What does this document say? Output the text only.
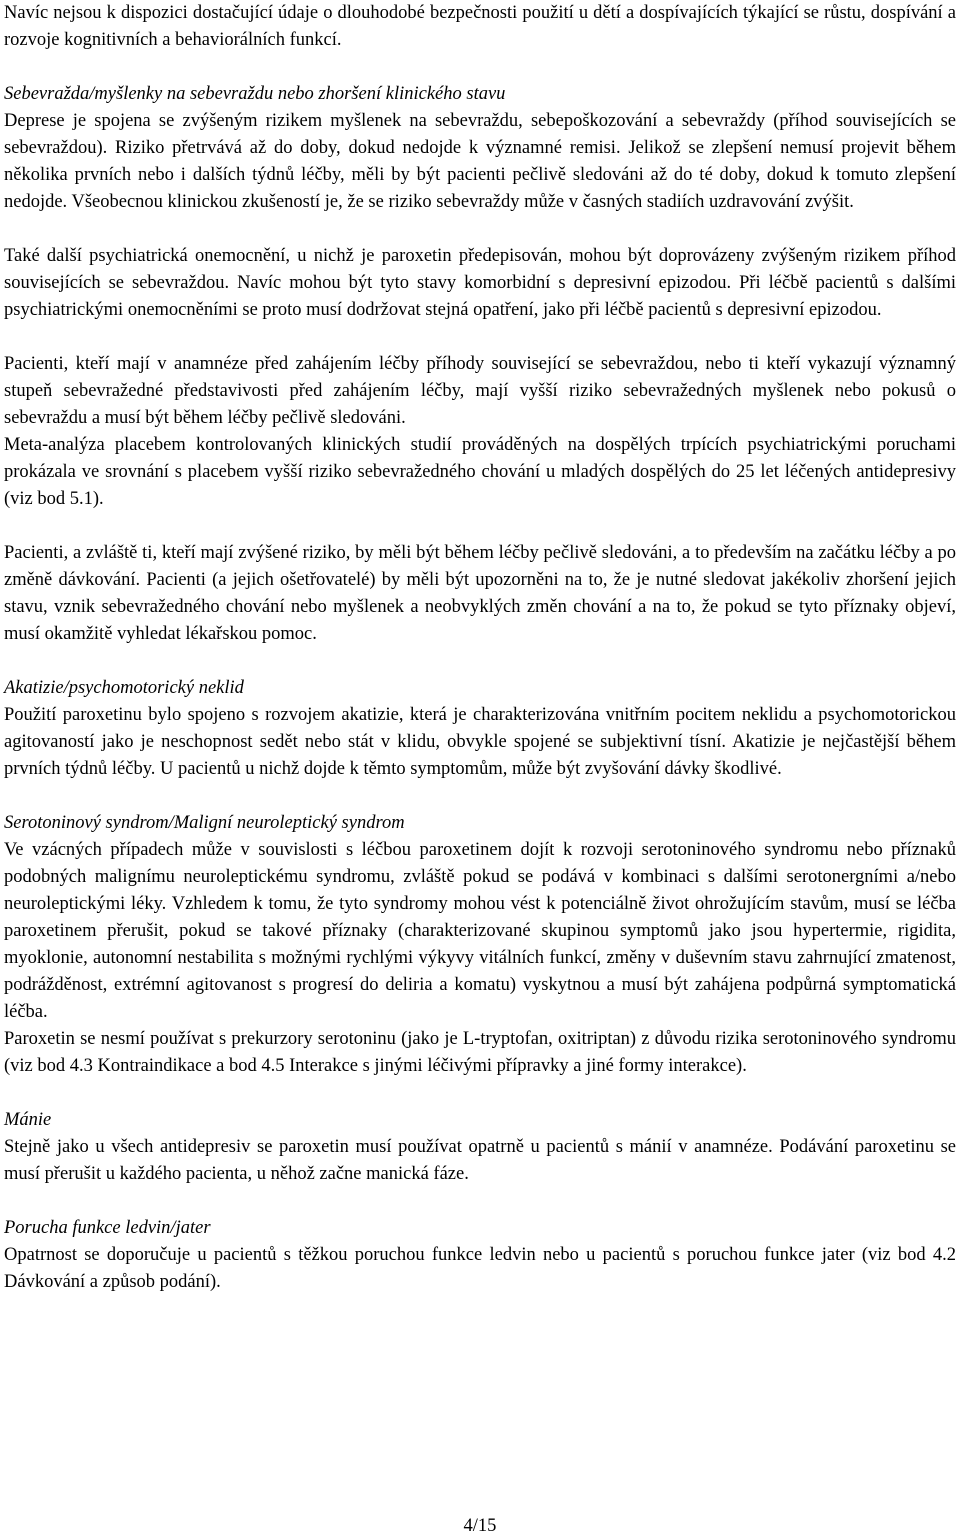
Navíc nejsou k dispozici dostačující údaje o dlouhodobé bezpečnosti použití u dětí a dospívajících týkající se růstu, dospívání a rozvoje kognitivních a behaviorálních funkcí.

Sebevražda/myšlenky na sebevraždu nebo zhoršení klinického stavu

Deprese je spojena se zvýšeným rizikem myšlenek na sebevraždu, sebepoškozování a sebevraždy (příhod souvisejících se sebevraždou). Riziko přetrvává až do doby, dokud nedojde k významné remisi. Jelikož se zlepšení nemusí projevit během několika prvních nebo i dalších týdnů léčby, měli by být pacienti pečlivě sledováni až do té doby, dokud k tomuto zlepšení nedojde. Všeobecnou klinickou zkušeností je, že se riziko sebevraždy může v časných stadiích uzdravování zvýšit.

Také další psychiatrická onemocnění, u nichž je paroxetin předepisován, mohou být doprovázeny zvýšeným rizikem příhod souvisejících se sebevraždou. Navíc mohou být tyto stavy komorbidní s depresivní epizodou. Při léčbě pacientů s dalšími psychiatrickými onemocněními se proto musí dodržovat stejná opatření, jako při léčbě pacientů s depresivní epizodou.

Pacienti, kteří mají v anamnéze před zahájením léčby příhody související se sebevraždou, nebo ti kteří vykazují významný stupeň sebevražedné představivosti před zahájením léčby, mají vyšší riziko sebevražedných myšlenek nebo pokusů o sebevraždu a musí být během léčby pečlivě sledováni.

Meta-analýza placebem kontrolovaných klinických studií prováděných na dospělých trpících psychiatrickými poruchami prokázala ve srovnání s placebem vyšší riziko sebevražedného chování u mladých dospělých do 25 let léčených antidepresivy (viz bod 5.1).

Pacienti, a zvláště ti, kteří mají zvýšené riziko, by měli být během léčby pečlivě sledováni, a to především na začátku léčby a po změně dávkování. Pacienti (a jejich ošetřovatelé) by měli být upozorněni na to, že je nutné sledovat jakékoliv zhoršení jejich stavu, vznik sebevražedného chování nebo myšlenek a neobvyklých změn chování a na to, že pokud se tyto příznaky objeví, musí okamžitě vyhledat lékařskou pomoc.

Akatizie/psychomotorický neklid

Použití paroxetinu bylo spojeno s rozvojem akatizie, která je charakterizována vnitřním pocitem neklidu a psychomotorickou agitovaností jako je neschopnost sedět nebo stát v klidu, obvykle spojené se subjektivní tísní. Akatizie je nejčastější během prvních týdnů léčby. U pacientů u nichž dojde k těmto symptomům, může být zvyšování dávky škodlivé.

Serotoninový syndrom/Maligní neuroleptický syndrom

Ve vzácných případech může v souvislosti s léčbou paroxetinem dojít k rozvoji serotoninového syndromu nebo příznaků podobných malignímu neuroleptickému syndromu, zvláště pokud se podává v kombinaci s dalšími serotonergními a/nebo neuroleptickými léky. Vzhledem k tomu, že tyto syndromy mohou vést k potenciálně život ohrožujícím stavům, musí se léčba paroxetinem přerušit, pokud se takové příznaky (charakterizované skupinou symptomů jako jsou hypertermie, rigidita, myoklonie, autonomní nestabilita s možnými rychlými výkyvy vitálních funkcí, změny v duševním stavu zahrnující zmatenost, podrážděnost, extrémní agitovanost s progresí do deliria a komatu) vyskytnou a musí být zahájena podpůrná symptomatická léčba.

Paroxetin se nesmí používat s prekurzory serotoninu (jako je L-tryptofan, oxitriptan) z důvodu rizika serotoninového syndromu (viz bod 4.3 Kontraindikace a bod 4.5 Interakce s jinými léčivými přípravky a jiné formy interakce).

Mánie

Stejně jako u všech antidepresiv se paroxetin musí používat opatrně u pacientů s mánií v anamnéze. Podávání paroxetinu se musí přerušit u každého pacienta, u něhož začne manická fáze.

Porucha funkce ledvin/jater

Opatrnost se doporučuje u pacientů s těžkou poruchou funkce ledvin nebo u pacientů s poruchou funkce jater (viz bod 4.2 Dávkování a způsob podání).

4/15
